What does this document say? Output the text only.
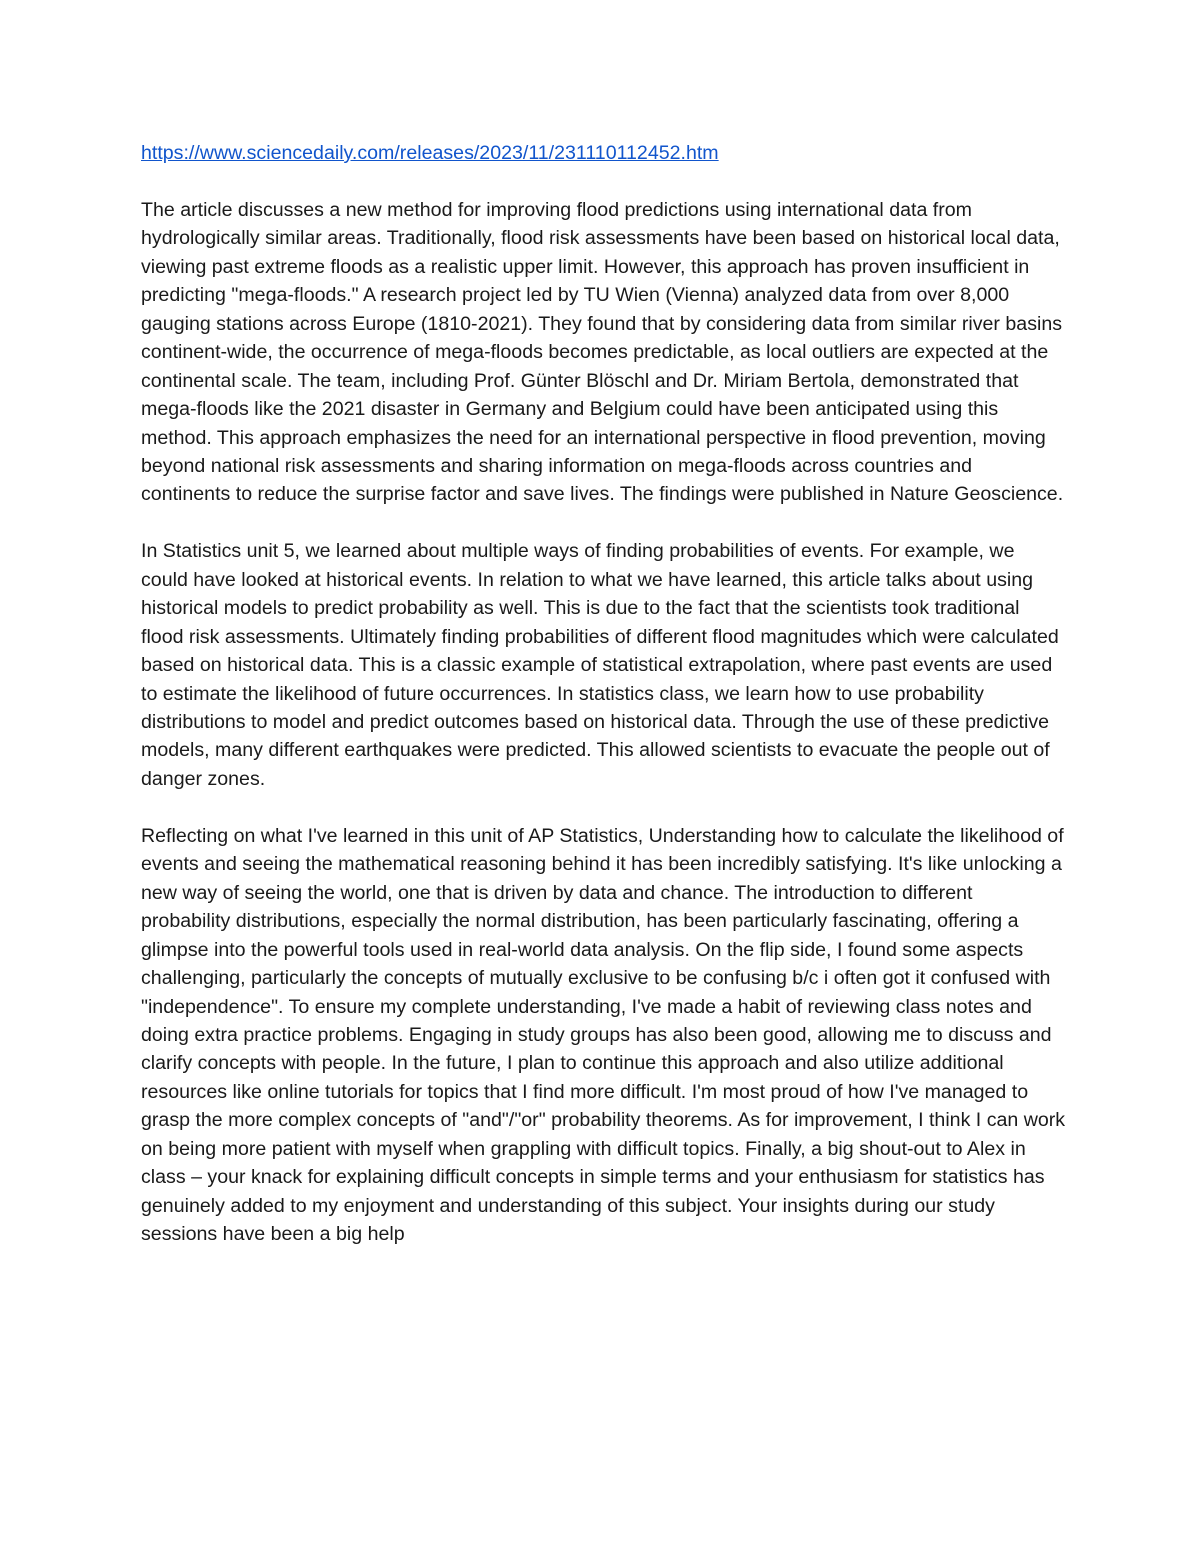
https://www.sciencedaily.com/releases/2023/11/231110112452.htm

The article discusses a new method for improving flood predictions using international data from hydrologically similar areas. Traditionally, flood risk assessments have been based on historical local data, viewing past extreme floods as a realistic upper limit. However, this approach has proven insufficient in predicting "mega-floods." A research project led by TU Wien (Vienna) analyzed data from over 8,000 gauging stations across Europe (1810-2021). They found that by considering data from similar river basins continent-wide, the occurrence of mega-floods becomes predictable, as local outliers are expected at the continental scale. The team, including Prof. Günter Blöschl and Dr. Miriam Bertola, demonstrated that mega-floods like the 2021 disaster in Germany and Belgium could have been anticipated using this method. This approach emphasizes the need for an international perspective in flood prevention, moving beyond national risk assessments and sharing information on mega-floods across countries and continents to reduce the surprise factor and save lives. The findings were published in Nature Geoscience.

In Statistics unit 5, we learned about multiple ways of finding probabilities of events. For example, we could have looked at historical events. In relation to what we have learned, this article talks about using historical models to predict probability as well. This is due to the fact that the scientists took traditional flood risk assessments. Ultimately finding probabilities of different flood magnitudes which were calculated based on historical data. This is a classic example of statistical extrapolation, where past events are used to estimate the likelihood of future occurrences. In statistics class, we learn how to use probability distributions to model and predict outcomes based on historical data. Through the use of these predictive models, many different earthquakes were predicted. This allowed scientists to evacuate the people out of danger zones.

Reflecting on what I've learned in this unit of AP Statistics, Understanding how to calculate the likelihood of events and seeing the mathematical reasoning behind it has been incredibly satisfying. It's like unlocking a new way of seeing the world, one that is driven by data and chance. The introduction to different probability distributions, especially the normal distribution, has been particularly fascinating, offering a glimpse into the powerful tools used in real-world data analysis. On the flip side, I found some aspects challenging, particularly the concepts of mutually exclusive to be confusing b/c i often got it confused with "independence". To ensure my complete understanding, I've made a habit of reviewing class notes and doing extra practice problems. Engaging in study groups has also been good, allowing me to discuss and clarify concepts with people. In the future, I plan to continue this approach and also utilize additional resources like online tutorials for topics that I find more difficult. I'm most proud of how I've managed to grasp the more complex concepts of "and"/"or" probability theorems. As for improvement, I think I can work on being more patient with myself when grappling with difficult topics. Finally, a big shout-out to Alex in class – your knack for explaining difficult concepts in simple terms and your enthusiasm for statistics has genuinely added to my enjoyment and understanding of this subject. Your insights during our study sessions have been a big help
